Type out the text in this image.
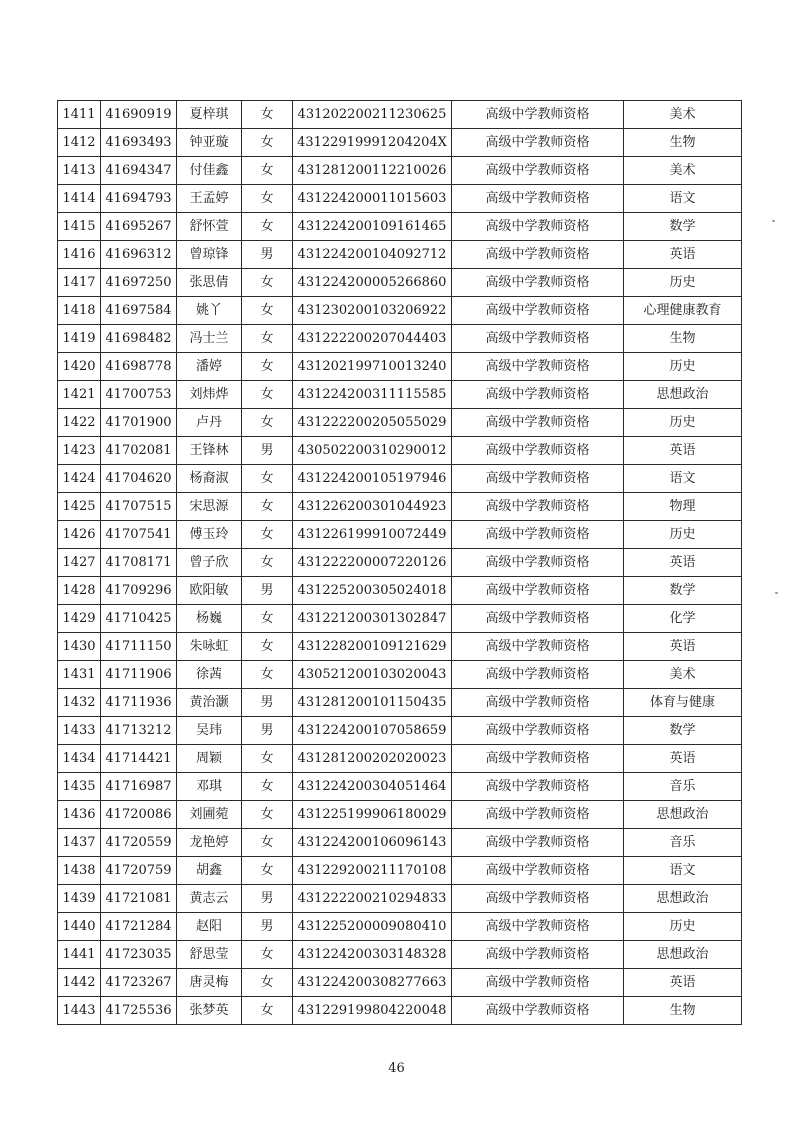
1411	41690919	夏梓琪	女	431202200211230625	高级中学教师资格	美术
1412	41693493	钟亚璇	女	43122919991204204X	高级中学教师资格	生物
1413	41694347	付佳鑫	女	431281200112210026	高级中学教师资格	美术
1414	41694793	王孟婷	女	431224200011015603	高级中学教师资格	语文
1415	41695267	舒怀萱	女	431224200109161465	高级中学教师资格	数学
1416	41696312	曾琼锋	男	431224200104092712	高级中学教师资格	英语
1417	41697250	张思倩	女	431224200005266860	高级中学教师资格	历史
1418	41697584	姚丫	女	431230200103206922	高级中学教师资格	心理健康教育
1419	41698482	冯士兰	女	431222200207044403	高级中学教师资格	生物
1420	41698778	潘婷	女	431202199710013240	高级中学教师资格	历史
1421	41700753	刘炜烨	女	431224200311115585	高级中学教师资格	思想政治
1422	41701900	卢丹	女	431222200205055029	高级中学教师资格	历史
1423	41702081	王锋林	男	430502200310290012	高级中学教师资格	英语
1424	41704620	杨裔淑	女	431224200105197946	高级中学教师资格	语文
1425	41707515	宋思源	女	431226200301044923	高级中学教师资格	物理
1426	41707541	傅玉玲	女	431226199910072449	高级中学教师资格	历史
1427	41708171	曾子欣	女	431222200007220126	高级中学教师资格	英语
1428	41709296	欧阳敏	男	431225200305024018	高级中学教师资格	数学
1429	41710425	杨巍	女	431221200301302847	高级中学教师资格	化学
1430	41711150	朱咏虹	女	431228200109121629	高级中学教师资格	英语
1431	41711906	徐茜	女	430521200103020043	高级中学教师资格	美术
1432	41711936	黄治灏	男	431281200101150435	高级中学教师资格	体育与健康
1433	41713212	吴玮	男	431224200107058659	高级中学教师资格	数学
1434	41714421	周颖	女	431281200202020023	高级中学教师资格	英语
1435	41716987	邓琪	女	431224200304051464	高级中学教师资格	音乐
1436	41720086	刘圃菀	女	431225199906180029	高级中学教师资格	思想政治
1437	41720559	龙艳婷	女	431224200106096143	高级中学教师资格	音乐
1438	41720759	胡鑫	女	431229200211170108	高级中学教师资格	语文
1439	41721081	黄志云	男	431222200210294833	高级中学教师资格	思想政治
1440	41721284	赵阳	男	431225200009080410	高级中学教师资格	历史
1441	41723035	舒思莹	女	431224200303148328	高级中学教师资格	思想政治
1442	41723267	唐灵梅	女	431224200308277663	高级中学教师资格	英语
1443	41725536	张梦英	女	431229199804220048	高级中学教师资格	生物
46
